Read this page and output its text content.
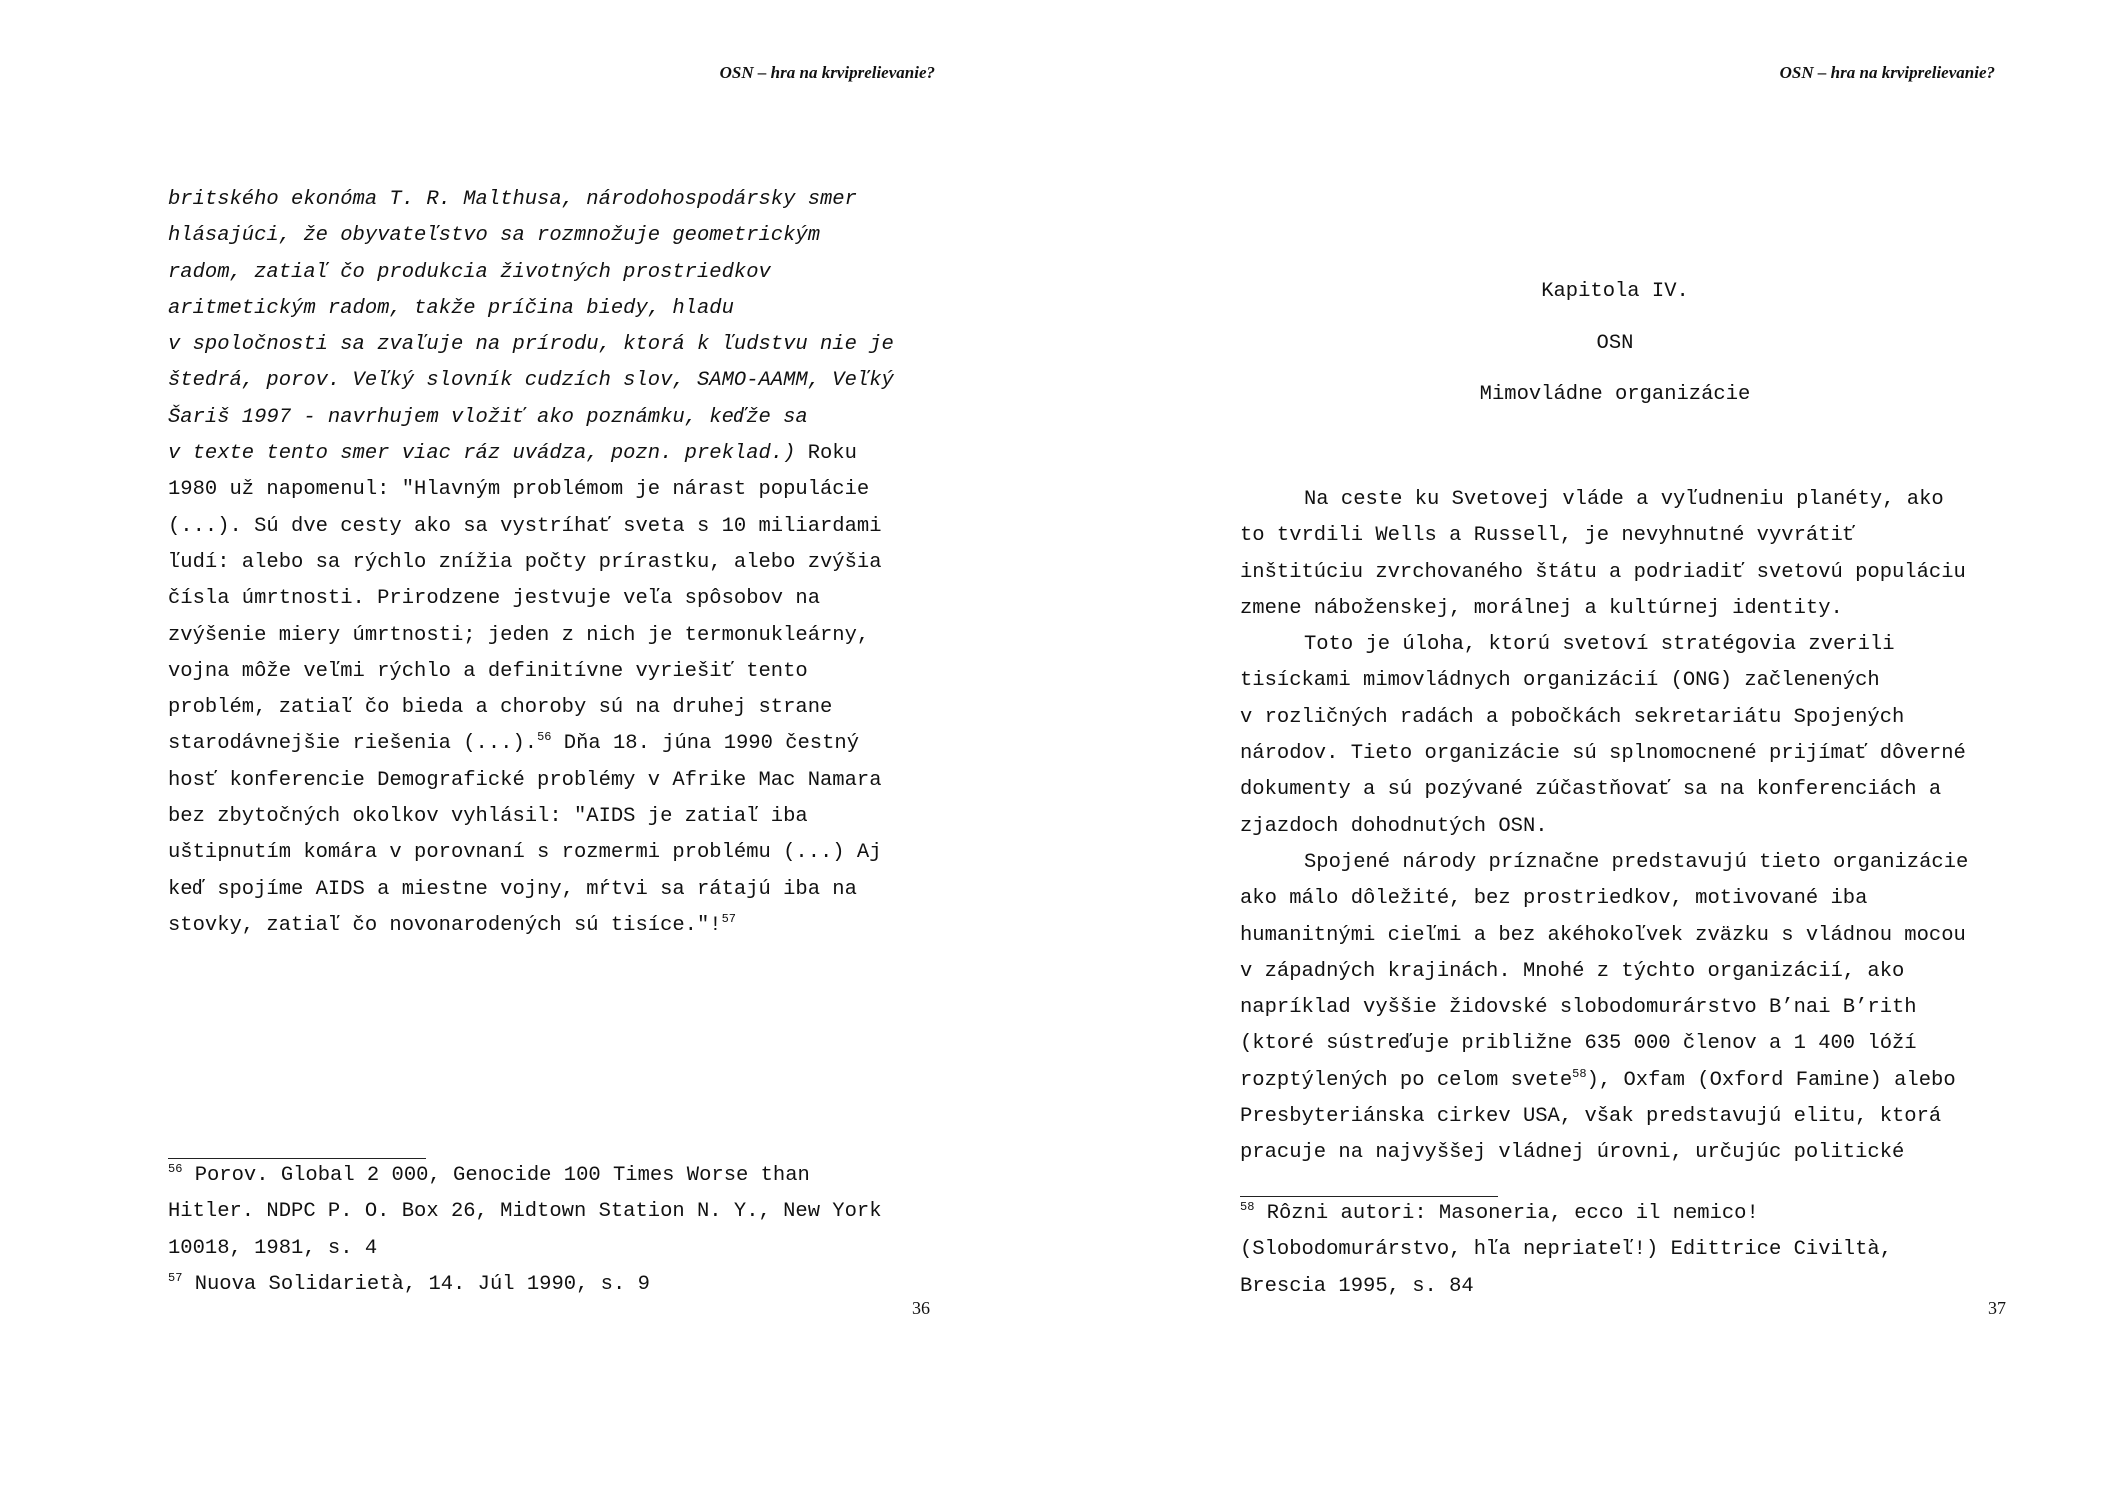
OSN – hra na krviprelievanie?
britského ekonóma T. R. Malthusa, národohospodársky smer
hlásajúci, že obyvateľstvo sa rozmnožuje geometrickým
radom, zatiaľ čo produkcia životných prostriedkov
aritmetickým radom, takže príčina biedy, hladu
v spoločnosti sa zvaľuje na prírodu, ktorá k ľudstvu nie je
štedrá, porov. Veľký slovník cudzích slov, SAMO-AAMM, Veľký
Šariš 1997 - navrhujem vložiť ako poznámku, keďže sa
v texte tento smer viac ráz uvádza, pozn. preklad.) Roku
1980 už napomenul: "Hlavným problémom je nárast populácie
(...). Sú dve cesty ako sa vystríhať sveta s 10 miliardami
ľudí: alebo sa rýchlo znížia počty prírastku, alebo zvýšia
čísla úmrtnosti. Prirodzene jestvuje veľa spôsobov na
zvýšenie miery úmrtnosti; jeden z nich je termonukleárny,
vojna môže veľmi rýchlo a definitívne vyriešiť tento
problém, zatiaľ čo bieda a choroby sú na druhej strane
starodávnejšie riešenia (...).$^{56}$ Dňa 18. júna 1990 čestný
hosť konferencie Demografické problémy v Afrike Mac Namara
bez zbytočných okolkov vyhlásil: "AIDS je zatiaľ iba
uštipnutím komára v porovnaní s rozmermi problému (...) Aj
keď spojíme AIDS a miestne vojny, mŕtvi sa rátajú iba na
stovky, zatiaľ čo novonarodených sú tisíce."!$^{57}$
$^{56}$ Porov. Global 2 000, Genocide 100 Times Worse than
Hitler. NDPC P. O. Box 26, Midtown Station N. Y., New York
10018, 1981, s. 4
$^{57}$ Nuova Solidarietà, 14. Júl 1990, s. 9
36
OSN – hra na krviprelievanie?
Kapitola IV.
OSN
Mimovládne organizácie
Na ceste ku Svetovej vláde a vyľudneniu planéty, ako
to tvrdili Wells a Russell, je nevyhnutné vyvrátiť
inštitúciu zvrchovaného štátu a podriadiť svetovú populáciu
zmene náboženskej, morálnej a kultúrnej identity.
Toto je úloha, ktorú svetoví stratégovia zverili
tisíckami mimovládnych organizácií (ONG) začlenených
v rozličných radách a pobočkách sekretariátu Spojených
národov. Tieto organizácie sú splnomocnené prijímať dôverné
dokumenty a sú pozývané zúčastňovať sa na konferenciách a
zjazdoch dohodnutých OSN.
Spojené národy príznačne predstavujú tieto organizácie
ako málo dôležité, bez prostriedkov, motivované iba
humanitnými cieľmi a bez akéhokoľvek zväzku s vládnou mocou
v západných krajinách. Mnohé z týchto organizácií, ako
napríklad vyššie židovské slobodomurárstvo B’nai B’rith
(ktoré sústreďuje približne 635 000 členov a 1 400 lóží
rozptýlených po celom svete$^{58}$), Oxfam (Oxford Famine) alebo
Presbyteriánska cirkev USA, však predstavujú elitu, ktorá
pracuje na najvyššej vládnej úrovni, určujúc politické
$^{58}$ Rôzni autori: Masoneria, ecco il nemico!
(Slobodomurárstvo, hľa nepriateľ!) Edittrice Civiltà,
Brescia 1995, s. 84
37
